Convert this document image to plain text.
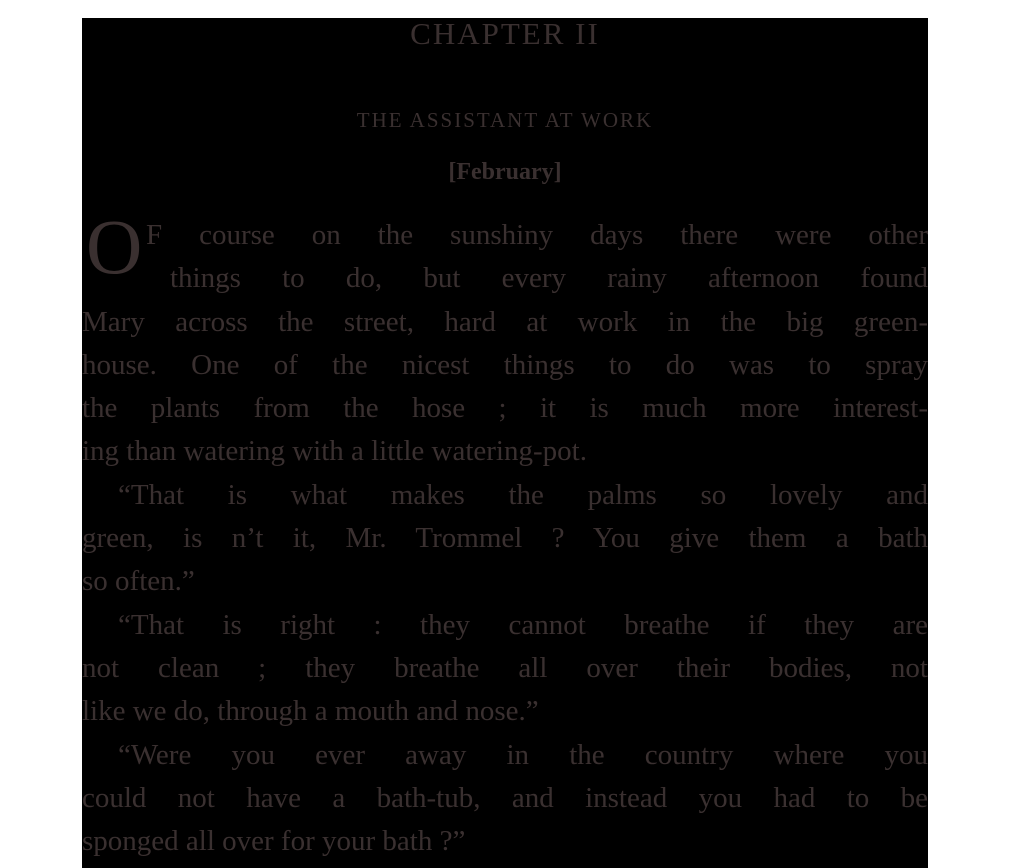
CHAPTER II
THE ASSISTANT AT WORK
[February]
O F course on the sunshiny days there were other
things to do, but every rainy afternoon found
Mary across the street, hard at work in the big green-
house. One of the nicest things to do was to spray
the plants from the hose ; it is much more interest-
ing than watering with a little watering-pot.
“That is what makes the palms so lovely and
green, is n’t it, Mr. Trommel ? You give them a bath
so often.”
“That is right : they cannot breathe if they are
not clean ; they breathe all over their bodies, not
like we do, through a mouth and nose.”
“Were you ever away in the country where you
could not have a bath-tub, and instead you had to be
sponged all over for your bath ?”
